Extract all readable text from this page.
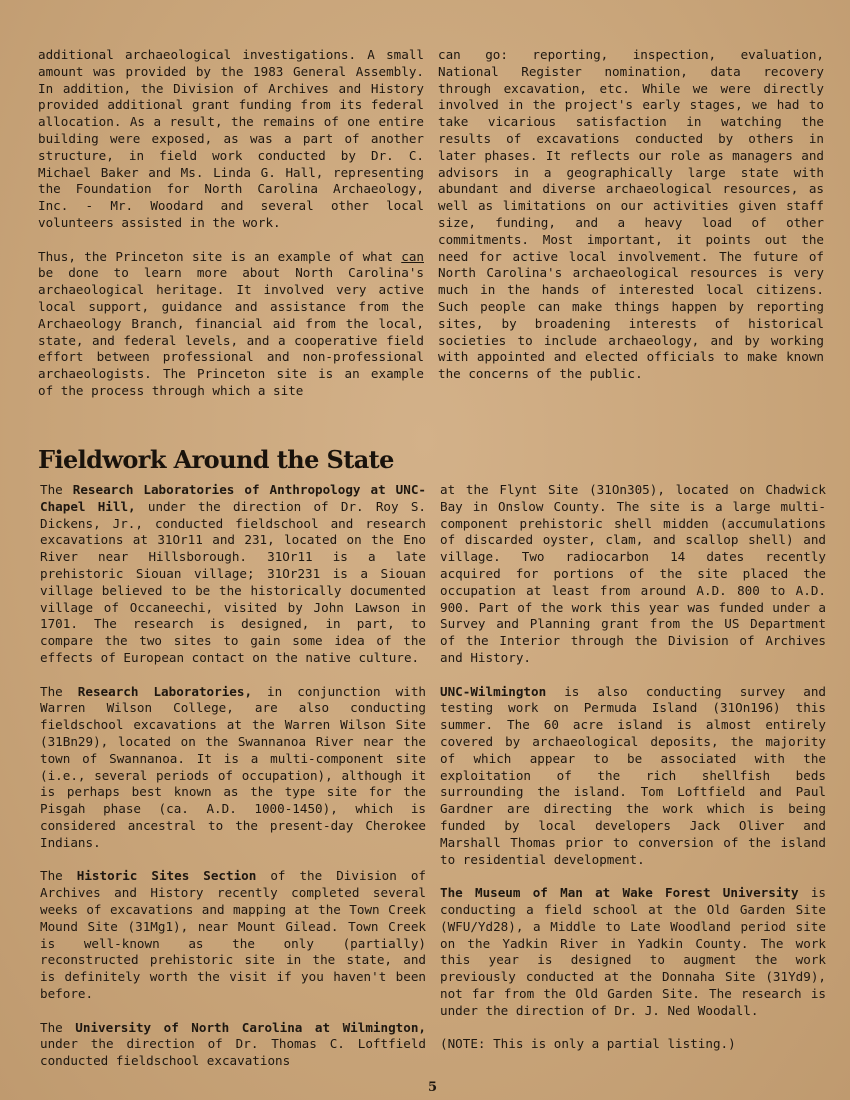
additional archaeological investigations. A small amount was provided by the 1983 General Assembly. In addition, the Division of Archives and History provided additional grant funding from its federal allocation. As a result, the remains of one entire building were exposed, as was a part of another structure, in field work conducted by Dr. C. Michael Baker and Ms. Linda G. Hall, representing the Foundation for North Carolina Archaeology, Inc. - Mr. Woodard and several other local volunteers assisted in the work.

Thus, the Princeton site is an example of what can be done to learn more about North Carolina's archaeological heritage. It involved very active local support, guidance and assistance from the Archaeology Branch, financial aid from the local, state, and federal levels, and a cooperative field effort between professional and non-professional archaeologists. The Princeton site is an example of the process through which a site

can go: reporting, inspection, evaluation, National Register nomination, data recovery through excavation, etc. While we were directly involved in the project's early stages, we had to take vicarious satisfaction in watching the results of excavations conducted by others in later phases. It reflects our role as managers and advisors in a geographically large state with abundant and diverse archaeological resources, as well as limitations on our activities given staff size, funding, and a heavy load of other commitments. Most important, it points out the need for active local involvement. The future of North Carolina's archaeological resources is very much in the hands of interested local citizens. Such people can make things happen by reporting sites, by broadening interests of historical societies to include archaeology, and by working with appointed and elected officials to make known the concerns of the public.

Fieldwork Around the State

The Research Laboratories of Anthropology at UNC-Chapel Hill, under the direction of Dr. Roy S. Dickens, Jr., conducted fieldschool and research excavations at 31Or11 and 231, located on the Eno River near Hillsborough. 31Or11 is a late prehistoric Siouan village; 31Or231 is a Siouan village believed to be the historically documented village of Occaneechi, visited by John Lawson in 1701. The research is designed, in part, to compare the two sites to gain some idea of the effects of European contact on the native culture.

The Research Laboratories, in conjunction with Warren Wilson College, are also conducting fieldschool excavations at the Warren Wilson Site (31Bn29), located on the Swannanoa River near the town of Swannanoa. It is a multi-component site (i.e., several periods of occupation), although it is perhaps best known as the type site for the Pisgah phase (ca. A.D. 1000-1450), which is considered ancestral to the present-day Cherokee Indians.

The Historic Sites Section of the Division of Archives and History recently completed several weeks of excavations and mapping at the Town Creek Mound Site (31Mg1), near Mount Gilead. Town Creek is well-known as the only (partially) reconstructed prehistoric site in the state, and is definitely worth the visit if you haven't been before.

The University of North Carolina at Wilmington, under the direction of Dr. Thomas C. Loftfield conducted fieldschool excavations

at the Flynt Site (31On305), located on Chadwick Bay in Onslow County. The site is a large multi-component prehistoric shell midden (accumulations of discarded oyster, clam, and scallop shell) and village. Two radiocarbon 14 dates recently acquired for portions of the site placed the occupation at least from around A.D. 800 to A.D. 900. Part of the work this year was funded under a Survey and Planning grant from the US Department of the Interior through the Division of Archives and History.

UNC-Wilmington is also conducting survey and testing work on Permuda Island (31On196) this summer. The 60 acre island is almost entirely covered by archaeological deposits, the majority of which appear to be associated with the exploitation of the rich shellfish beds surrounding the island. Tom Loftfield and Paul Gardner are directing the work which is being funded by local developers Jack Oliver and Marshall Thomas prior to conversion of the island to residential development.

The Museum of Man at Wake Forest University is conducting a field school at the Old Garden Site (WFU/Yd28), a Middle to Late Woodland period site on the Yadkin River in Yadkin County. The work this year is designed to augment the work previously conducted at the Donnaha Site (31Yd9), not far from the Old Garden Site. The research is under the direction of Dr. J. Ned Woodall.

(NOTE: This is only a partial listing.)

5
